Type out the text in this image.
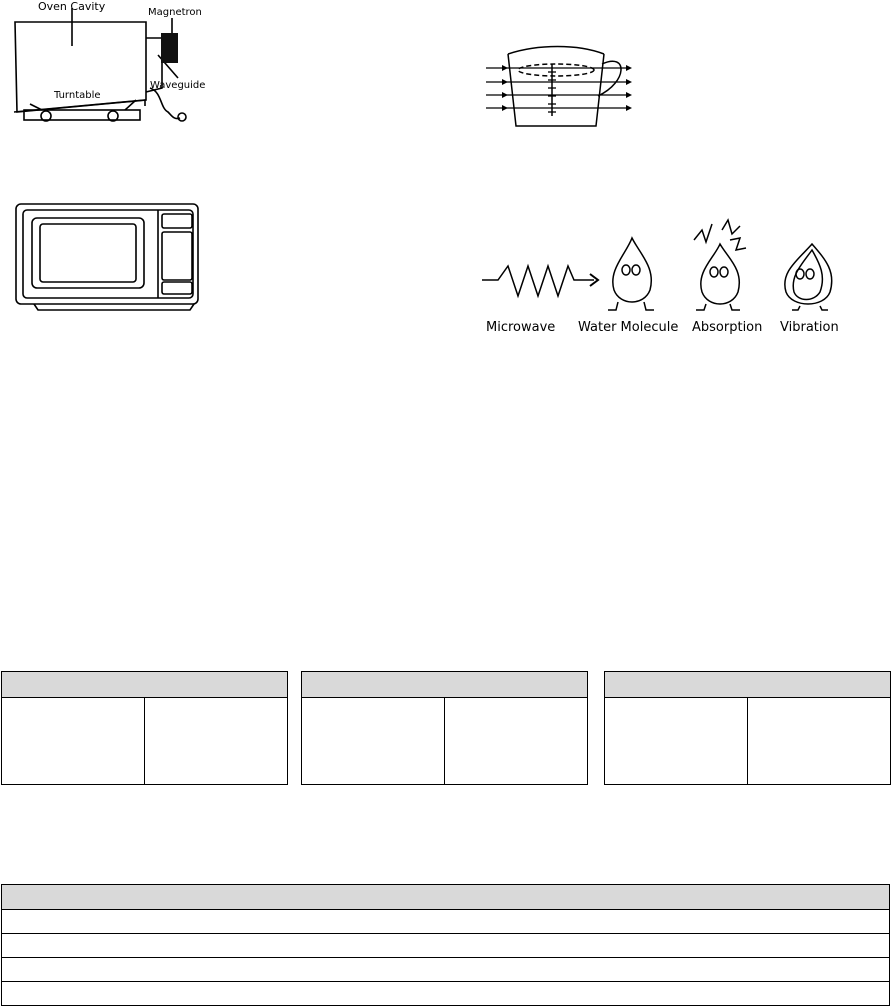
Oven Cavity	Magnetron
Waveguide
Turntable
Microwave Water Molecule Absorption Vibration
